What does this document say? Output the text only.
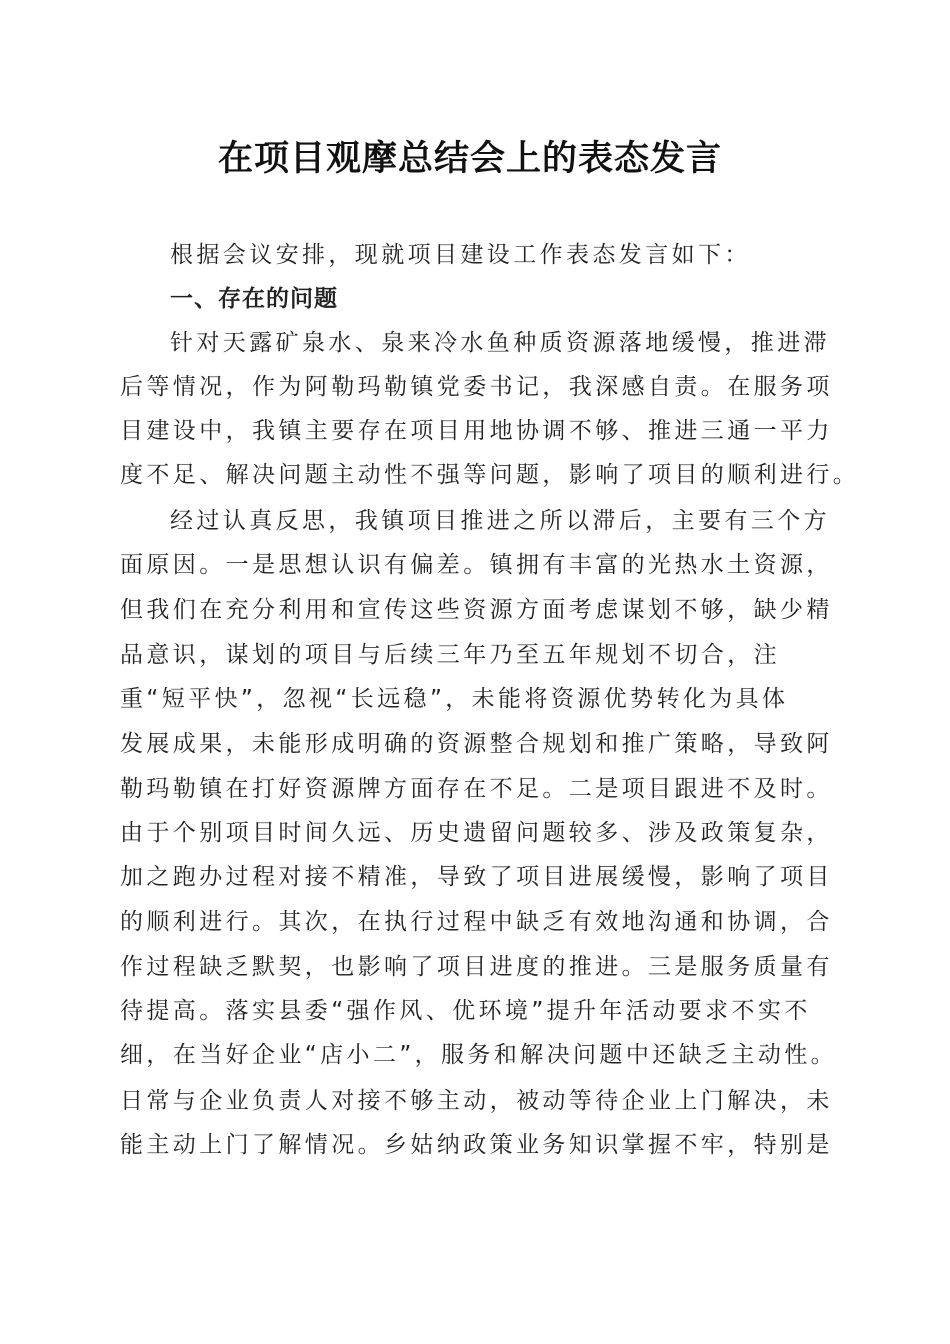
在项目观摩总结会上的表态发言
根据会议安排，现就项目建设工作表态发言如下：
一、存在的问题
针对天露矿泉水、泉来冷水鱼种质资源落地缓慢，推进滞
后等情况，作为阿勒玛勒镇党委书记，我深感自责。在服务项
目建设中，我镇主要存在项目用地协调不够、推进三通一平力
度不足、解决问题主动性不强等问题，影响了项目的顺利进行。
经过认真反思，我镇项目推进之所以滞后，主要有三个方
面原因。一是思想认识有偏差。镇拥有丰富的光热水土资源，
但我们在充分利用和宣传这些资源方面考虑谋划不够，缺少精
品意识，谋划的项目与后续三年乃至五年规划不切合，注
重“短平快”，忽视“长远稳”，未能将资源优势转化为具体
发展成果，未能形成明确的资源整合规划和推广策略，导致阿
勒玛勒镇在打好资源牌方面存在不足。二是项目跟进不及时。
由于个别项目时间久远、历史遗留问题较多、涉及政策复杂，
加之跑办过程对接不精准，导致了项目进展缓慢，影响了项目
的顺利进行。其次，在执行过程中缺乏有效地沟通和协调，合
作过程缺乏默契，也影响了项目进度的推进。三是服务质量有
待提高。落实县委“强作风、优环境”提升年活动要求不实不
细，在当好企业“店小二”，服务和解决问题中还缺乏主动性。
日常与企业负责人对接不够主动，被动等待企业上门解决，未
能主动上门了解情况。乡姑纳政策业务知识掌握不牢，特别是
